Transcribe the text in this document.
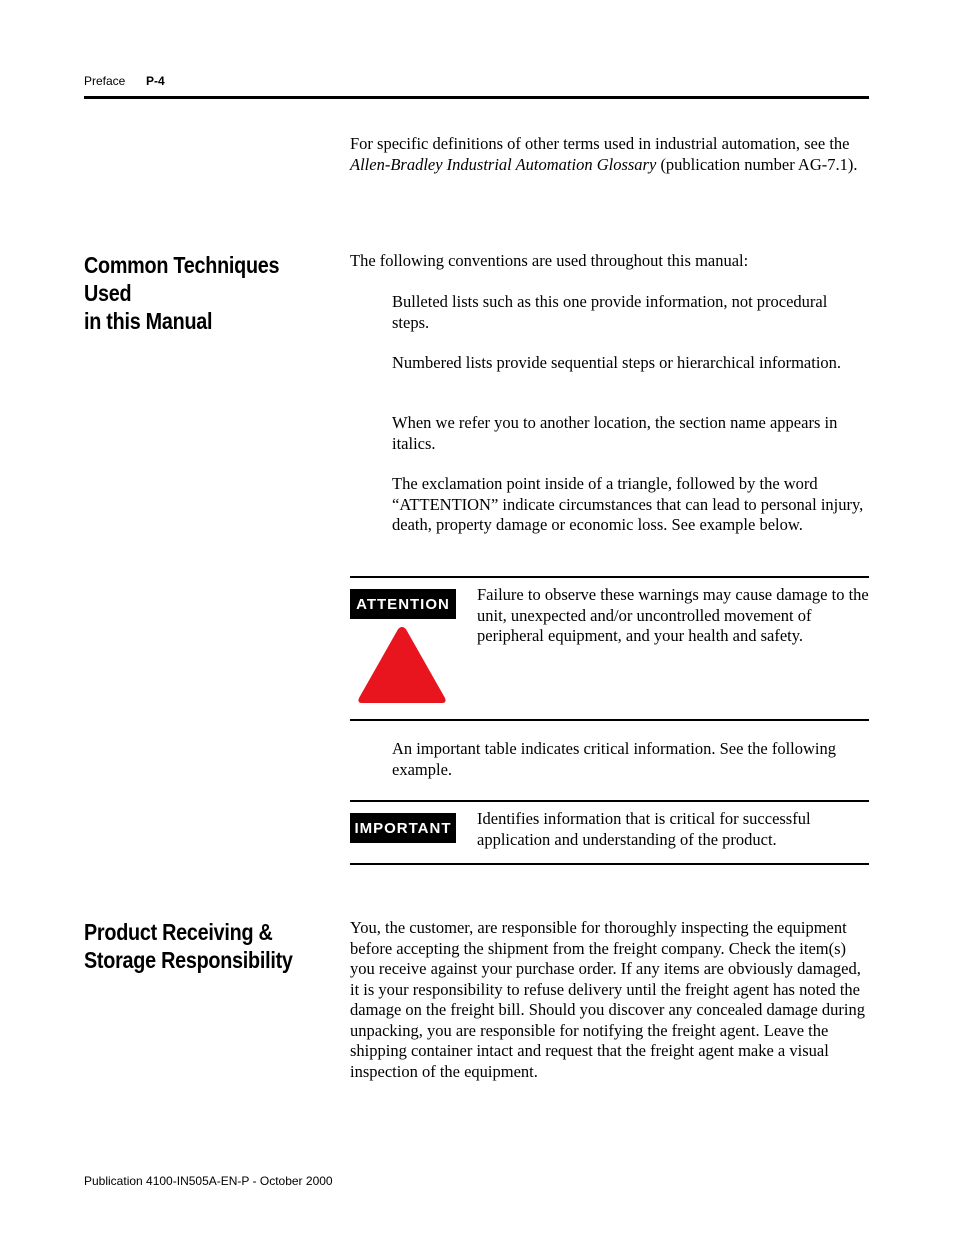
Preface P-4

For specific definitions of other terms used in industrial automation, see the Allen-Bradley Industrial Automation Glossary (publication number AG-7.1).

Common Techniques Used
in this Manual

The following conventions are used throughout this manual:

Bulleted lists such as this one provide information, not procedural steps.

Numbered lists provide sequential steps or hierarchical information.

When we refer you to another location, the section name appears in italics.

The exclamation point inside of a triangle, followed by the word “ATTENTION” indicate circumstances that can lead to personal injury, death, property damage or economic loss. See example below.

ATTENTION	Failure to observe these warnings may cause damage to the unit, unexpected and/or uncontrolled movement of peripheral equipment, and your health and safety.

An important table indicates critical information. See the following example.

IMPORTANT Identifies information that is critical for successful application and understanding of the product.

Product Receiving &
Storage Responsibility

You, the customer, are responsible for thoroughly inspecting the equipment before accepting the shipment from the freight company. Check the item(s) you receive against your purchase order. If any items are obviously damaged, it is your responsibility to refuse delivery until the freight agent has noted the damage on the freight bill. Should you discover any concealed damage during unpacking, you are responsible for notifying the freight agent. Leave the shipping container intact and request that the freight agent make a visual inspection of the equipment.

Publication 4100-IN505A-EN-P - October 2000
